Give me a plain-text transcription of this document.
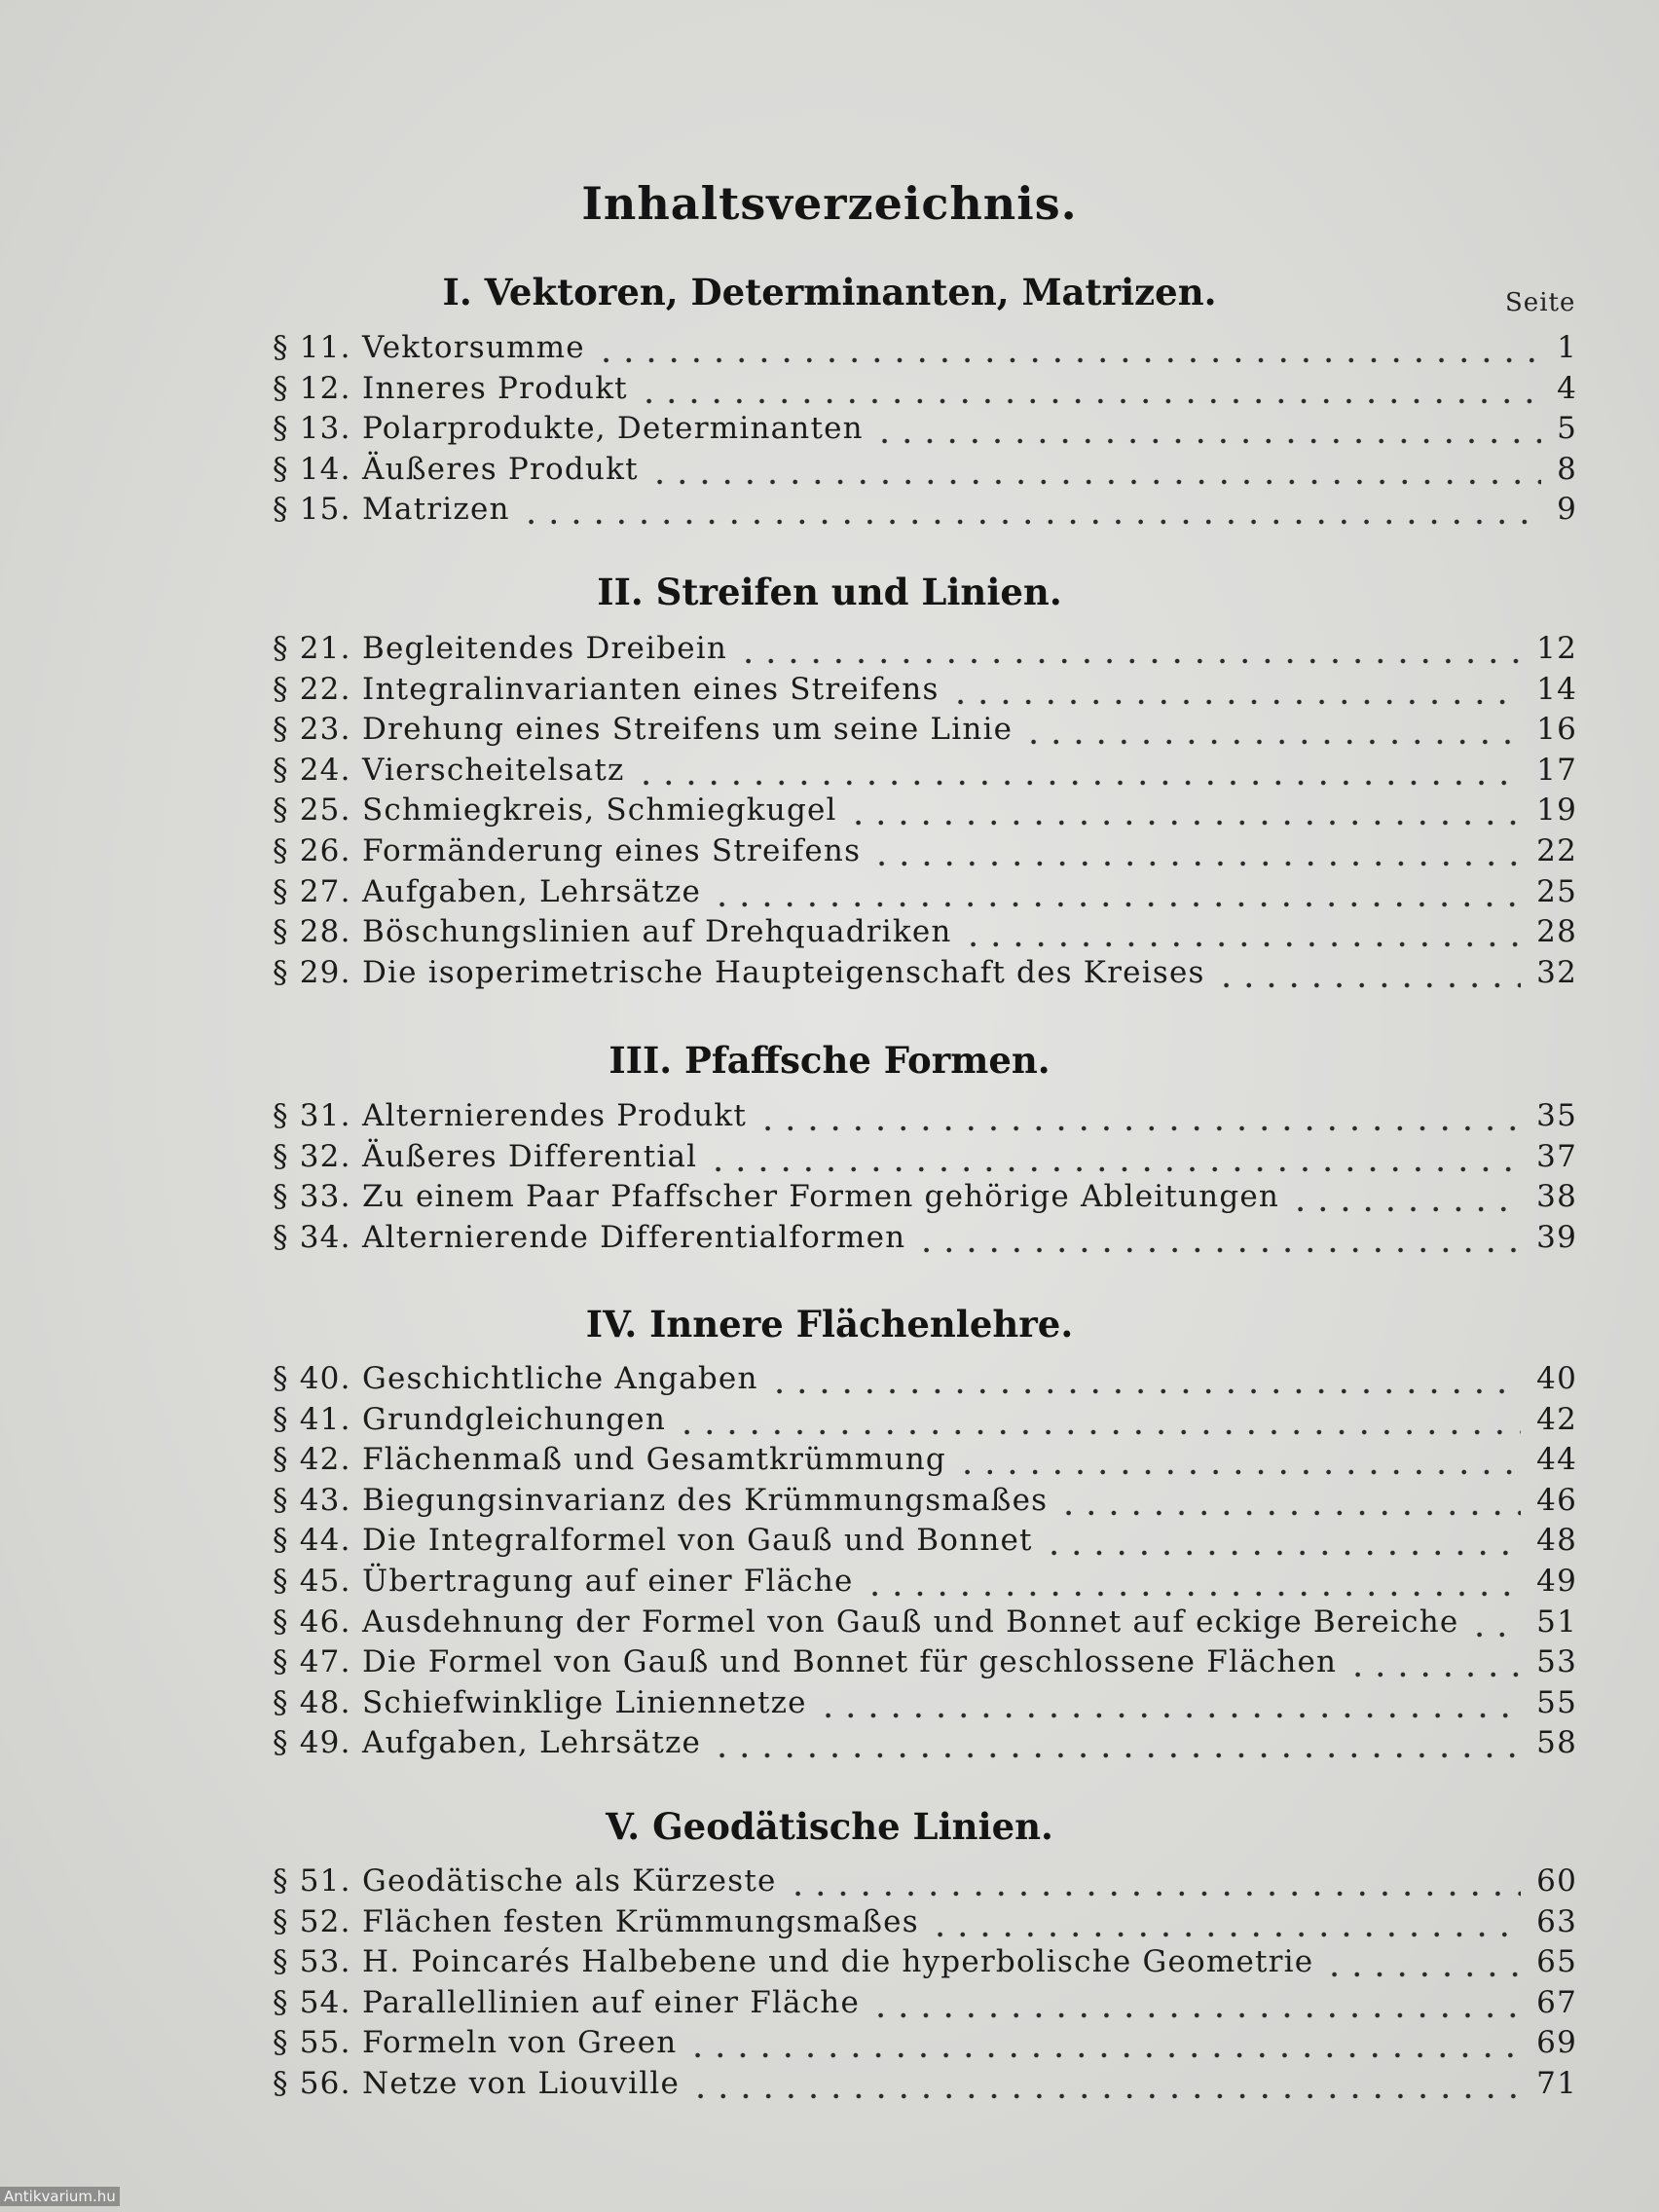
Inhaltsverzeichnis.
Seite
I. Vektoren, Determinanten, Matrizen.
§ 11. Vektorsumme	1
§ 12. Inneres Produkt	4
§ 13. Polarprodukte, Determinanten	5
§ 14. Äußeres Produkt	8
§ 15. Matrizen	9
II. Streifen und Linien.
§ 21. Begleitendes Dreibein	12
§ 22. Integralinvarianten eines Streifens	14
§ 23. Drehung eines Streifens um seine Linie	16
§ 24. Vierscheitelsatz	17
§ 25. Schmiegkreis, Schmiegkugel	19
§ 26. Formänderung eines Streifens	22
§ 27. Aufgaben, Lehrsätze	25
§ 28. Böschungslinien auf Drehquadriken	28
§ 29. Die isoperimetrische Haupteigenschaft des Kreises	32
III. Pfaffsche Formen.
§ 31. Alternierendes Produkt	35
§ 32. Äußeres Differential	37
§ 33. Zu einem Paar Pfaffscher Formen gehörige Ableitungen	38
§ 34. Alternierende Differentialformen	39
IV. Innere Flächenlehre.
§ 40. Geschichtliche Angaben	40
§ 41. Grundgleichungen	42
§ 42. Flächenmaß und Gesamtkrümmung	44
§ 43. Biegungsinvarianz des Krümmungsmaßes	46
§ 44. Die Integralformel von Gauß und Bonnet	48
§ 45. Übertragung auf einer Fläche	49
§ 46. Ausdehnung der Formel von Gauß und Bonnet auf eckige Bereiche	51
§ 47. Die Formel von Gauß und Bonnet für geschlossene Flächen	53
§ 48. Schiefwinklige Liniennetze	55
§ 49. Aufgaben, Lehrsätze	58
V. Geodätische Linien.
§ 51. Geodätische als Kürzeste	60
§ 52. Flächen festen Krümmungsmaßes	63
§ 53. H. Poincarés Halbebene und die hyperbolische Geometrie	65
§ 54. Parallellinien auf einer Fläche	67
§ 55. Formeln von Green	69
§ 56. Netze von Liouville	71
Antikvarium.hu
